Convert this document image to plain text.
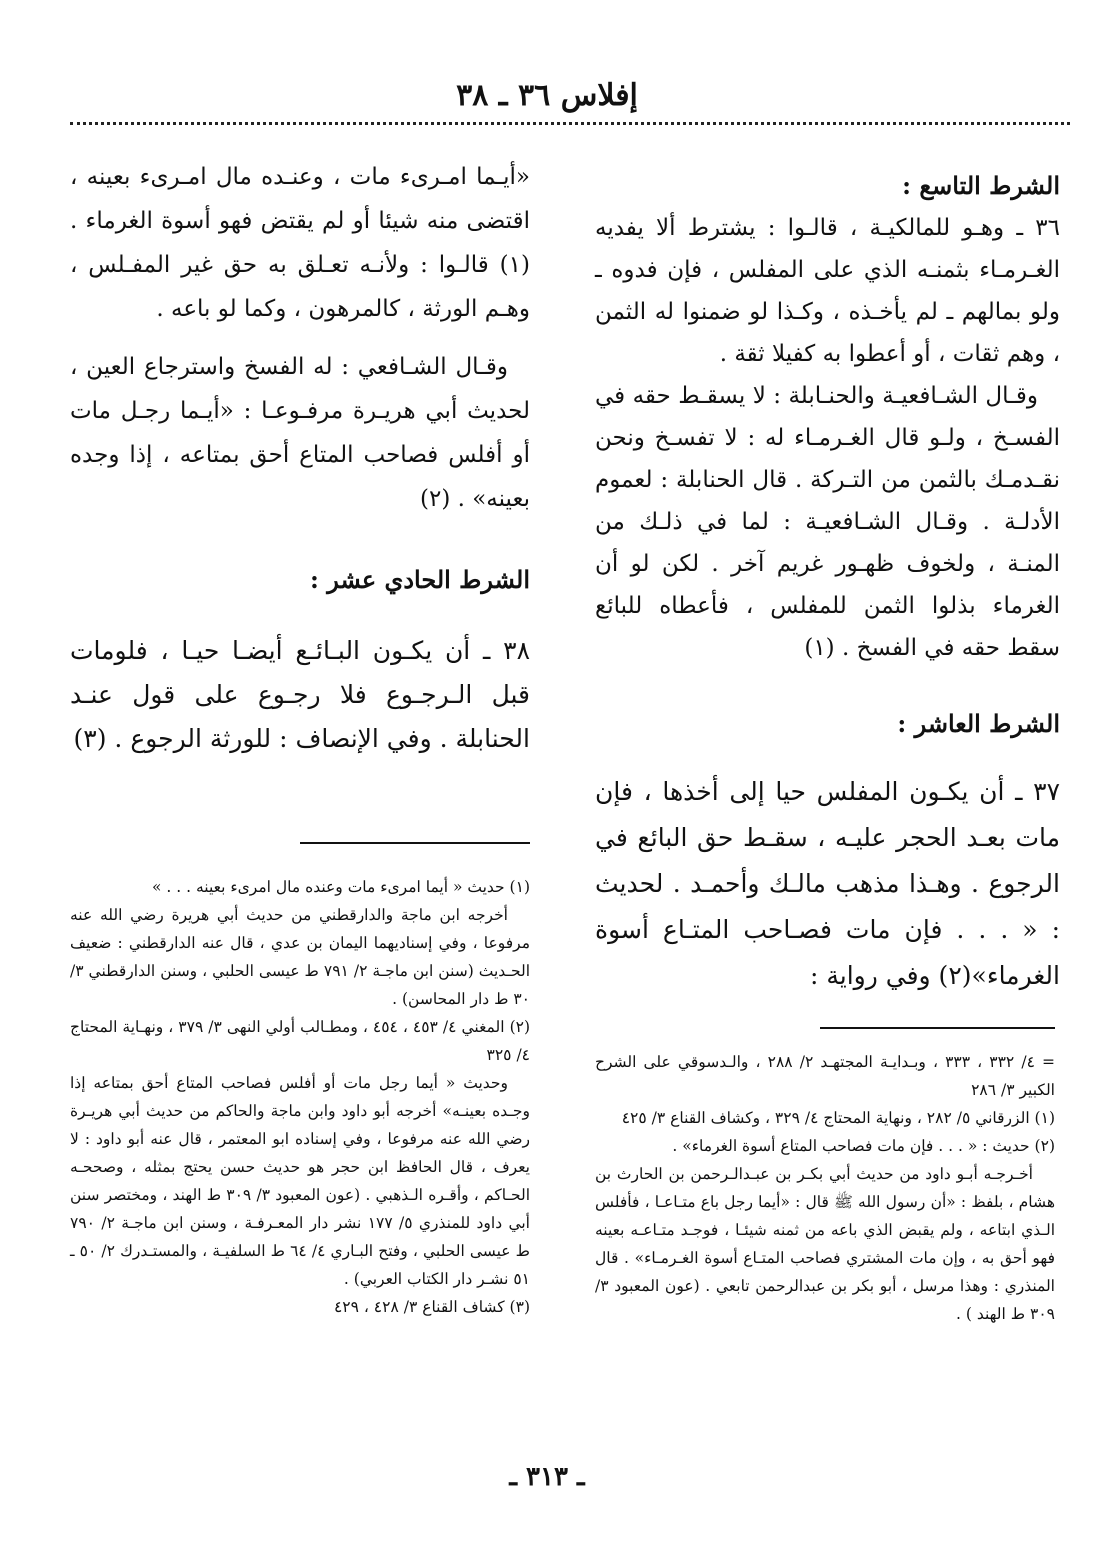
إفلاس ٣٦ ـ ٣٨

الشرط التاسع :

٣٦ ـ وهـو للمالكيـة ، قالـوا : يشترط ألا يفديه الغـرمـاء بثمنـه الذي على المفلس ، فإن فدوه ـ ولو بمالهم ـ لم يأخـذه ، وكـذا لو ضمنوا له الثمن ، وهم ثقات ، أو أعطوا به كفيلا ثقة .

وقـال الشـافعيـة والحنـابلة : لا يسقـط حقه في الفسـخ ، ولـو قال الغـرمـاء له : لا تفسـخ ونحن نقـدمـك بالثمن من التـركة . قال الحنابلة : لعموم الأدلـة . وقـال الشـافعيـة : لما في ذلـك من المنـة ، ولخوف ظهـور غريم آخر . لكن لو أن الغرماء بذلوا الثمن للمفلس ، فأعطاه للبائع سقط حقه في الفسخ . (١)

الشرط العاشر :

٣٧ ـ أن يكـون المفلس حيا إلى أخذها ، فإن مات بعـد الحجر عليـه ، سقـط حق البائع في الرجوع . وهـذا مذهب مالـك وأحمـد . لحديث : « . . . فإن مات فصـاحب المتـاع أسوة الغرماء»(٢) وفي رواية :

«أيـما امـرىء مات ، وعنـده مال امـرىء بعينه ، اقتضى منه شيئا أو لم يقتض فهو أسوة الغرماء . (١) قالـوا : ولأنـه تعـلق به حق غير المفـلس ، وهـم الورثة ، كالمرهون ، وكما لو باعه .

وقـال الشـافعي : له الفسخ واسترجاع العين ، لحديث أبي هريـرة مرفـوعـا : «أيـما رجـل مات أو أفلس فصاحب المتاع أحق بمتاعه ، إذا وجده بعينه» . (٢)

الشرط الحادي عشر :

٣٨ ـ أن يكـون البـائـع أيضـا حيـا ، فلومات قبل الـرجـوع فلا رجـوع على قول عنـد الحنابلة . وفي الإنصاف : للورثة الرجوع . (٣)

= ٤/ ٣٣٢ ، ٣٣٣ ، وبـدايـة المجتهـد ٢/ ٢٨٨ ، والـدسوقي على الشرح الكبير ٣/ ٢٨٦

(١) الزرقاني ٥/ ٢٨٢ ، ونهاية المحتاج ٤/ ٣٢٩ ، وكشاف القناع ٣/ ٤٢٥

(٢) حديث : « . . . فإن مات فصاحب المتاع أسوة الغرماء» .

أخـرجـه أبـو داود من حديث أبي بكـر بن عبـدالـرحمن بن الحارث بن هشام ، بلفظ : «أن رسول الله ﷺ قال : «أيما رجل باع متـاعـا ، فأفلس الـذي ابتاعه ، ولم يقبض الذي باعه من ثمنه شيئـا ، فوجـد متـاعـه بعينه فهو أحق به ، وإن مات المشتري فصاحب المتـاع أسوة الغـرمـاء» . قال المنذري : وهذا مرسل ، أبو بكر بن عبدالرحمن تابعي . (عون المعبود ٣/ ٣٠٩ ط الهند ) .

(١) حديث « أيما امرىء مات وعنده مال امرىء بعينه . . . »

أخرجه ابن ماجة والدارقطني من حديث أبي هريرة رضي الله عنه مرفوعا ، وفي إسناديهما اليمان بن عدي ، قال عنه الدارقطني : ضعيف الحـديث (سنن ابن ماجـة ٢/ ٧٩١ ط عيسى الحلبي ، وسنن الدارقطني ٣/ ٣٠ ط دار المحاسن) .

(٢) المغني ٤/ ٤٥٣ ، ٤٥٤ ، ومطـالب أولي النهى ٣/ ٣٧٩ ، ونهـاية المحتاج ٤/ ٣٢٥

وحديث « أيما رجل مات أو أفلس فصاحب المتاع أحق بمتاعه إذا وجـده بعينـه» أخرجه أبو داود وابن ماجة والحاكم من حديث أبي هريـرة رضي الله عنه مرفوعا ، وفي إسناده ابو المعتمر ، قال عنه أبو داود : لا يعرف ، قال الحافظ ابن حجر هو حديث حسن يحتج بمثله ، وصححـه الحـاكم ، وأقـره الـذهبي . (عون المعبود ٣/ ٣٠٩ ط الهند ، ومختصر سنن أبي داود للمنذري ٥/ ١٧٧ نشر دار المعـرفـة ، وسنن ابن ماجـة ٢/ ٧٩٠ ط عيسى الحلبي ، وفتح البـاري ٤/ ٦٤ ط السلفيـة ، والمستـدرك ٢/ ٥٠ ـ ٥١ نشـر دار الكتاب العربي) .

(٣) كشاف القناع ٣/ ٤٢٨ ، ٤٢٩

ـ ٣١٣ ـ
